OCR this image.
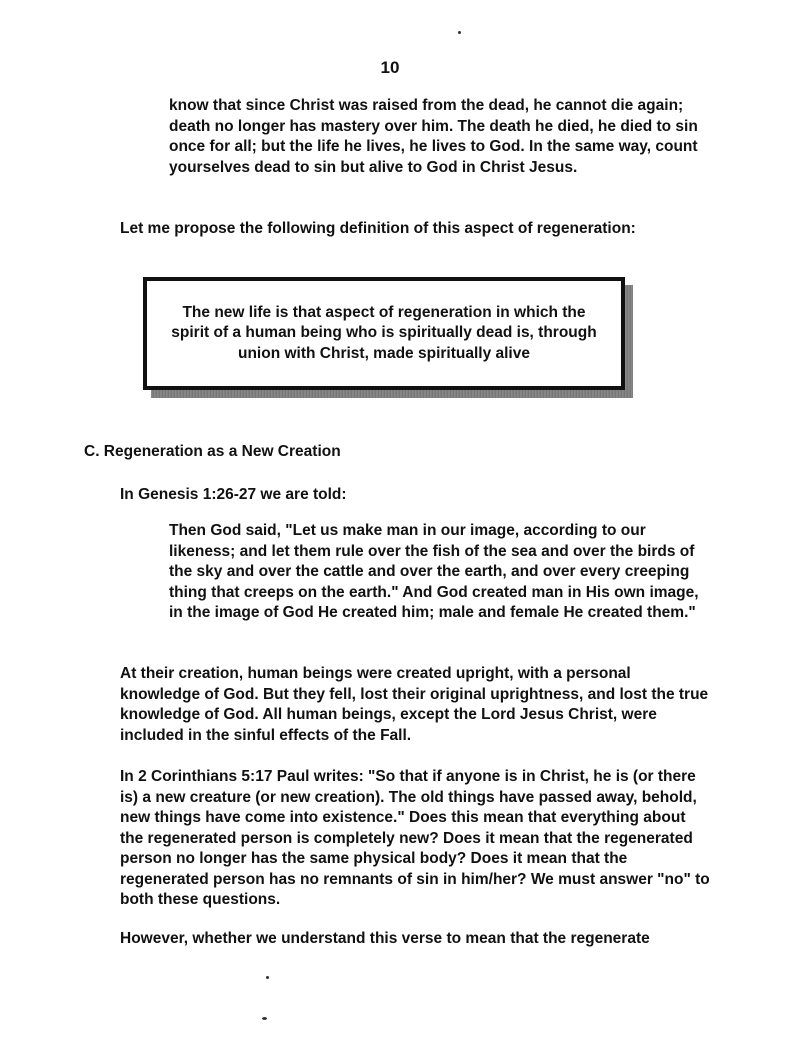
10

know that since Christ was raised from the dead, he cannot die again; death no longer has mastery over him. The death he died, he died to sin once for all; but the life he lives, he lives to God. In the same way, count yourselves dead to sin but alive to God in Christ Jesus.

Let me propose the following definition of this aspect of regeneration:

The new life is that aspect of regeneration in which the spirit of a human being who is spiritually dead is, through union with Christ, made spiritually alive

C. Regeneration as a New Creation

In Genesis 1:26-27 we are told:

Then God said, "Let us make man in our image, according to our likeness; and let them rule over the fish of the sea and over the birds of the sky and over the cattle and over the earth, and over every creeping thing that creeps on the earth." And God created man in His own image, in the image of God He created him; male and female He created them."

At their creation, human beings were created upright, with a personal knowledge of God. But they fell, lost their original uprightness, and lost the true knowledge of God. All human beings, except the Lord Jesus Christ, were included in the sinful effects of the Fall.

In 2 Corinthians 5:17 Paul writes: "So that if anyone is in Christ, he is (or there is) a new creature (or new creation). The old things have passed away, behold, new things have come into existence." Does this mean that everything about the regenerated person is completely new? Does it mean that the regenerated person no longer has the same physical body? Does it mean that the regenerated person has no remnants of sin in him/her? We must answer "no" to both these questions.

However, whether we understand this verse to mean that the regenerate
